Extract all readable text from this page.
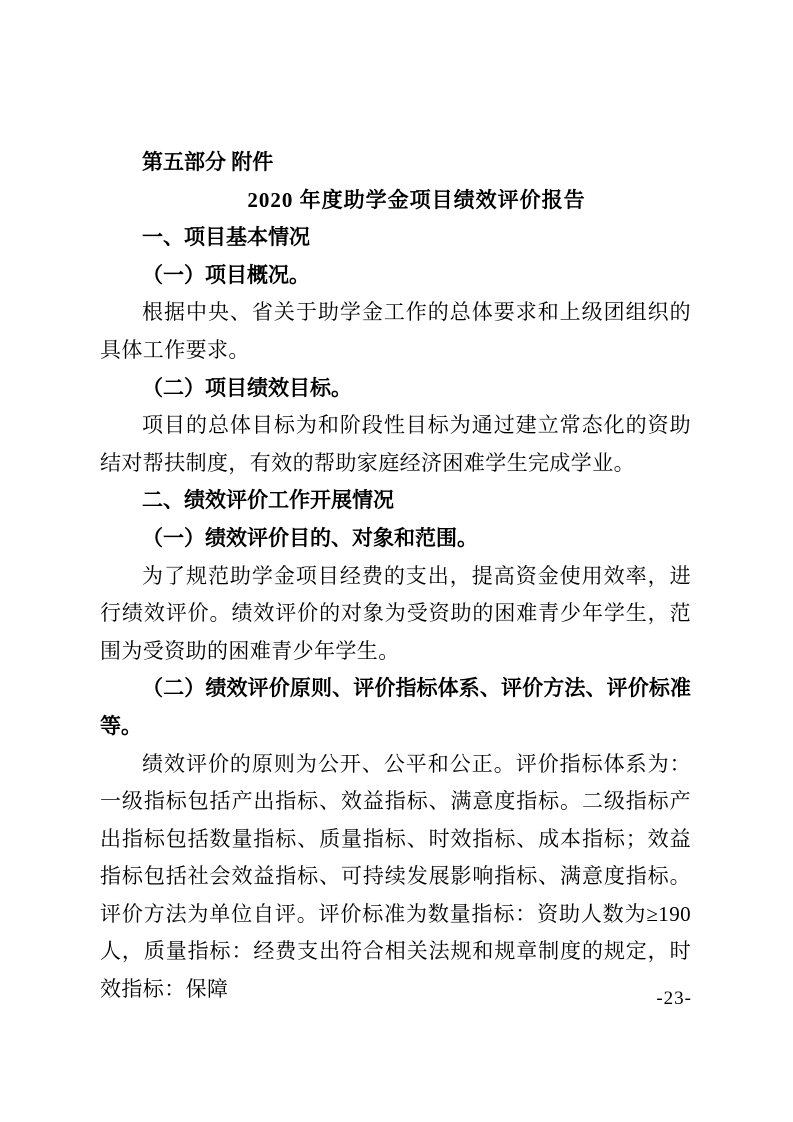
第五部分 附件
2020 年度助学金项目绩效评价报告
一、项目基本情况
（一）项目概况。
根据中央、省关于助学金工作的总体要求和上级团组织的具体工作要求。
（二）项目绩效目标。
项目的总体目标为和阶段性目标为通过建立常态化的资助结对帮扶制度，有效的帮助家庭经济困难学生完成学业。
二、绩效评价工作开展情况
（一）绩效评价目的、对象和范围。
为了规范助学金项目经费的支出，提高资金使用效率，进行绩效评价。绩效评价的对象为受资助的困难青少年学生，范围为受资助的困难青少年学生。
（二）绩效评价原则、评价指标体系、评价方法、评价标准等。
绩效评价的原则为公开、公平和公正。评价指标体系为：一级指标包括产出指标、效益指标、满意度指标。二级指标产出指标包括数量指标、质量指标、时效指标、成本指标；效益指标包括社会效益指标、可持续发展影响指标、满意度指标。评价方法为单位自评。评价标准为数量指标：资助人数为≥190 人，质量指标：经费支出符合相关法规和规章制度的规定，时效指标：保障	-23-
